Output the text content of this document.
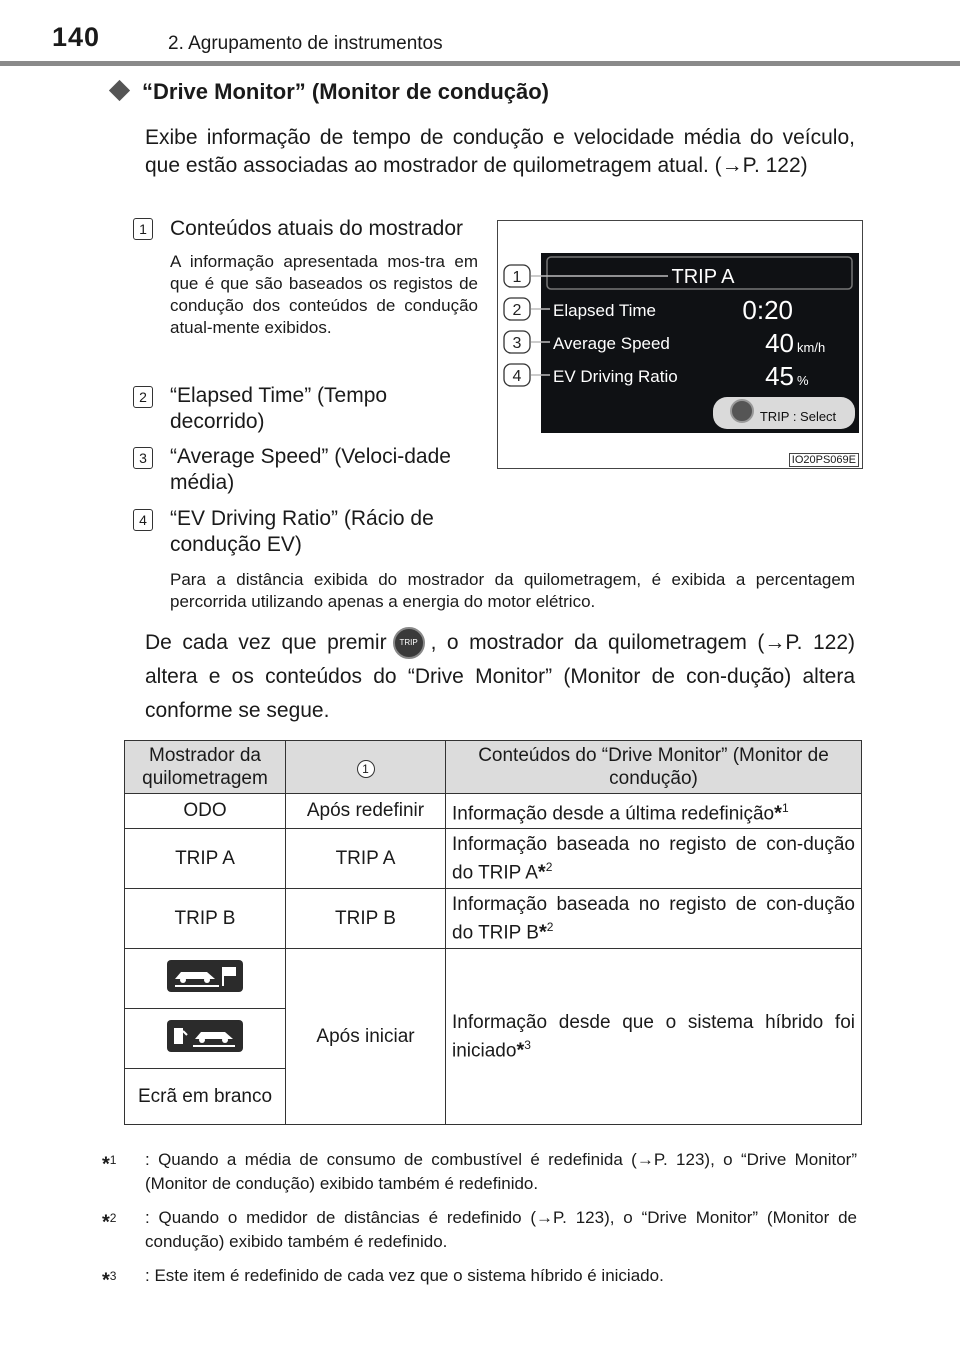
140	2. Agrupamento de instrumentos
“Drive Monitor” (Monitor de condução)
Exibe informação de tempo de condução e velocidade média do veículo, que estão associadas ao mostrador de quilometragem atual. (→P. 122)
1 Conteúdos atuais do mostrador
A informação apresentada mos-tra em que é que são baseados os registos de condução dos conteúdos de condução atual-mente exibidos.
2 “Elapsed Time” (Tempo decorrido)
3 “Average Speed” (Veloci-dade média)
4 “EV Driving Ratio” (Rácio de condução EV)
Para a distância exibida do mostrador da quilometragem, é exibida a percentagem percorrida utilizando apenas a energia do motor elétrico.
TRIP A
Elapsed Time	0:20
Average Speed	40 km/h
EV Driving Ratio	45 %
TRIP : Select
1
2
3
4
IO20PS069E
De cada vez que premir TRIP , o mostrador da quilometragem (→P. 122) altera e os conteúdos do “Drive Monitor” (Monitor de con-dução) altera conforme se segue.
Mostrador da quilometragem	1	Conteúdos do “Drive Monitor” (Monitor de condução)
ODO	Após redefinir	Informação desde a última redefinição*$^1$
TRIP A	TRIP A	Informação baseada no registo de con-dução do TRIP A*$^2$
TRIP B	TRIP B	Informação baseada no registo de con-dução do TRIP B*$^2$
	Após iniciar	Informação desde que o sistema híbrido foi iniciado*$^3$

Ecrã em branco		
*$^1$	: Quando a média de consumo de combustível é redefinida (→P. 123), o “Drive Monitor” (Monitor de condução) exibido também é redefinido.
*$^2$	: Quando o medidor de distâncias é redefinido (→P. 123), o “Drive Monitor” (Monitor de condução) exibido também é redefinido.
*$^3$	: Este item é redefinido de cada vez que o sistema híbrido é iniciado.
